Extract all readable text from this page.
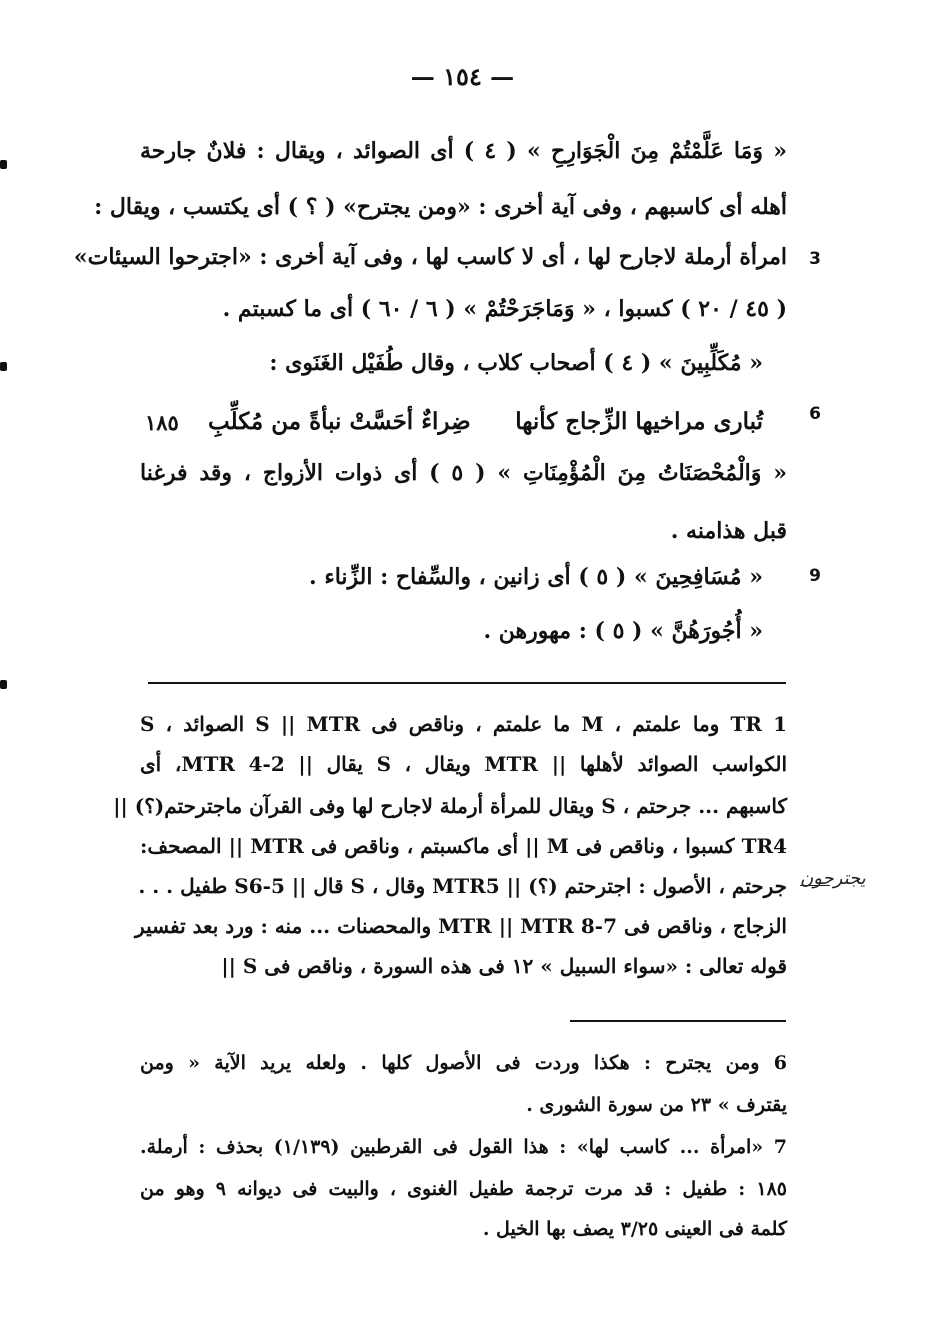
— ١٥٤ —
« وَمَا عَلَّمْتُمْ مِنَ الْجَوَارِحِ » ( ٤ ) أى الصوائد ، ويقال : فلانٌ جارحة
أهله أى كاسبهم ، وفى آية أخرى : «ومن يجترح» ( ؟ ) أى يكتسب ، ويقال :
امرأة أرملة لاجارح لها ، أى لا كاسب لها ، وفى آية أخرى : «اجترحوا السيئات» 3
( ٤٥ / ٢٠ ) كسبوا ، « وَمَاجَرَحْتُمْ » ( ٦ / ٦٠ ) أى ما كسبتم .
« مُكَلِّبِينَ » ( ٤ ) أصحاب كلاب ، وقال طُفَيْل الغَنَوى :
6
تُبارى مراخيها الزِّجاج كأنها
ضِراءٌ أحَسَّتْ نبأةً من مُكلِّبِ
١٨٥
« وَالْمُحْصَنَاتُ مِنَ الْمُؤْمِنَاتِ » ( ٥ ) أى ذوات الأزواج ، وقد فرغنا
قبل هذامنه .
9
« مُسَافِحِينَ » ( ٥ ) أى زانين ، والسِّفاح : الزِّناء .
« أُجُورَهُنَّ » ( ٥ ) : مهورهن .
TR 1 وما علمتم ، M ما علمتم ، وناقص فى S || MTR الصوائد ، S
الكواسب الصوائد لأهلها || MTR ويقال ، S يقال || MTR 4-2، أى
كاسبهم ... جرحتم ، S ويقال للمرأة أرملة لاجارح لها وفى القرآن ماجترحتم(؟) ||
TR4 كسبوا ، وناقص فى M || أى ماكسبتم ، وناقص فى MTR || المصحف:
جرحتم ، الأصول : اجترحتم (؟) || MTR5 وقال ، S قال || S6-5 طفيل . . .
الزجاج ، وناقص فى MTR || MTR 8-7 والمحصنات ... منه : ورد بعد تفسير
قوله تعالى : «سواء السبيل » ١٢ فى هذه السورة ، وناقص فى S ||
يجترحون
6 ومن يجترح : هكذا وردت فى الأصول كلها . ولعله يريد الآية « ومن
يقترف » ٢٣ من سورة الشورى .
7 «امرأة ... كاسب لها» : هذا القول فى القرطبين (١/١٣٩) بحذف : أرملة.
١٨٥ : طفيل : قد مرت ترجمة طفيل الغنوى ، والبيت فى ديوانه ٩ وهو من
كلمة فى العينى ٣/٢٥ يصف بها الخيل .
